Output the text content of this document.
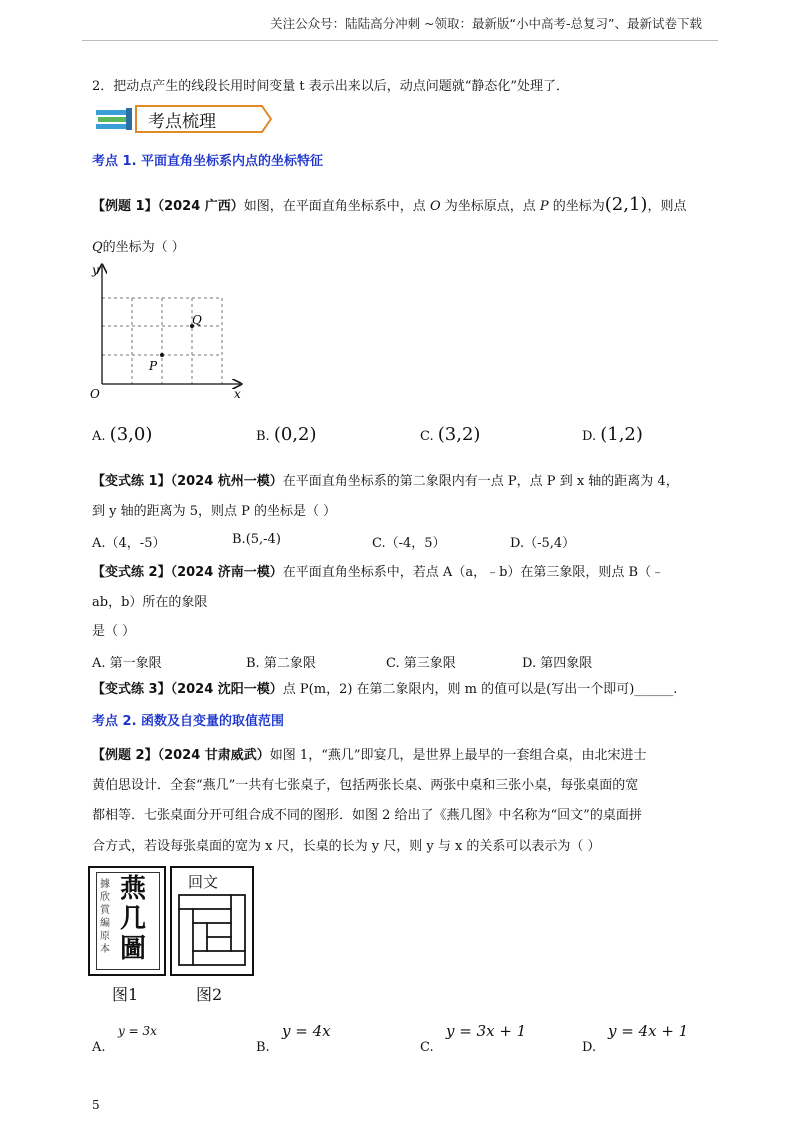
关注公众号：陆陆高分冲刺 ~领取：最新版“小中高考-总复习”、最新试卷下载
2．把动点产生的线段长用时间变量 t 表示出来以后，动点问题就“静态化”处理了．
考点梳理
考点 1. 平面直角坐标系内点的坐标特征
【例题 1】（2024 广西）如图，在平面直角坐标系中，点 O 为坐标原点，点 P 的坐标为(2,1)，则点
Q的坐标为（ ）
y
x
O
P
Q
A. (3,0)	B. (0,2)	C. (3,2)	D. (1,2)
【变式练 1】（2024 杭州一模）在平面直角坐标系的第二象限内有一点 P，点 P 到 x 轴的距离为 4，
到 y 轴的距离为 5，则点 P 的坐标是（ ）
A.（4，-5）	B.(5,-4)	C.（-4，5）	D.（-5,4）
【变式练 2】（2024 济南一模）在平面直角坐标系中，若点 A（a，﹣b）在第三象限，则点 B（﹣
ab，b）所在的象限
是（ ）
A. 第一象限	B. 第二象限	C. 第三象限	D. 第四象限
【变式练 3】（2024 沈阳一模）点 P(m，2) 在第二象限内，则 m 的值可以是(写出一个即可)______.
考点 2. 函数及自变量的取值范围
【例题 2】（2024 甘肃威武）如图 1，“燕几”即宴几，是世界上最早的一套组合桌，由北宋进士
黄伯思设计．全套“燕几”一共有七张桌子，包括两张长桌、两张中桌和三张小桌，每张桌面的宽
都相等．七张桌面分开可组合成不同的图形．如图 2 给出了《燕几图》中名称为“回文”的桌面拼
合方式，若设每张桌面的宽为 x 尺，长桌的长为 y 尺，则 y 与 x 的关系可以表示为（ ）
據欣賞編原本
燕几圖
图1
回文
图2
A.
y = 3x
B.
y = 4x
C.
y = 3x + 1
D.
y = 4x + 1
5
